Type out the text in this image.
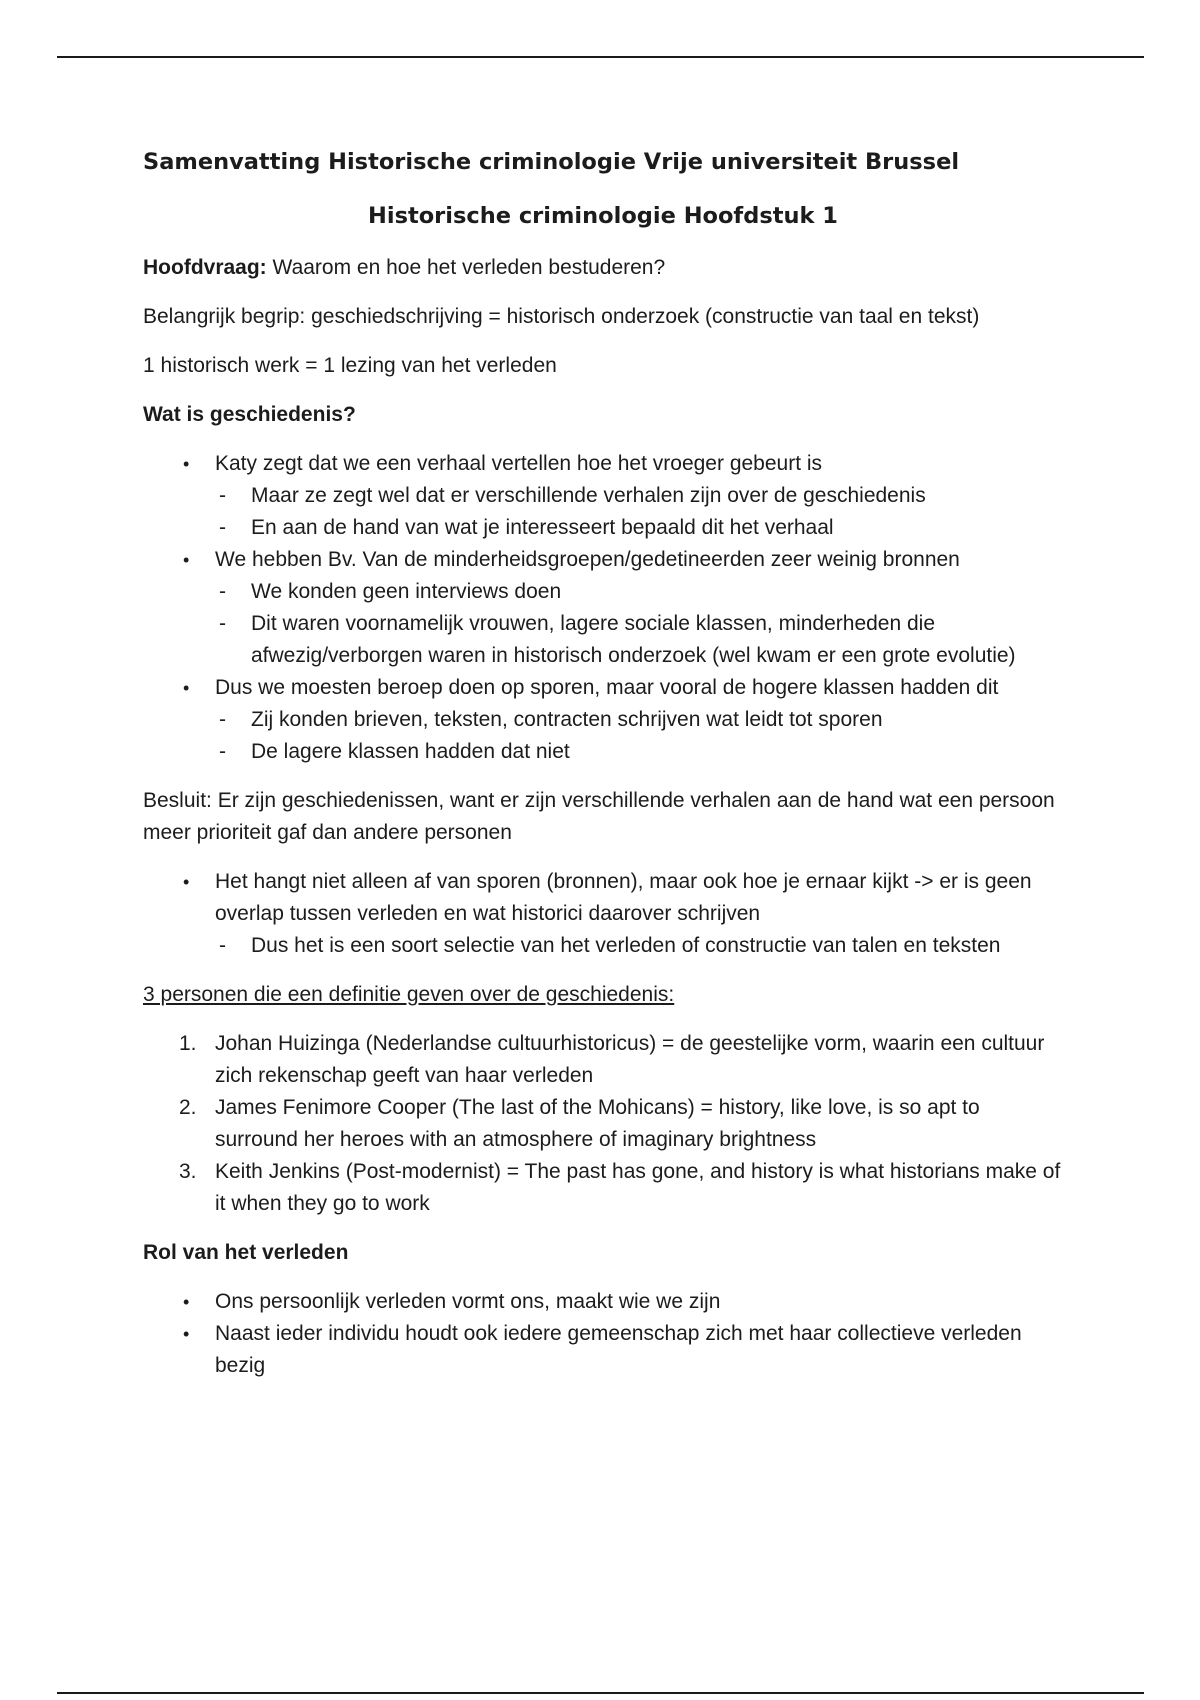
Samenvatting Historische criminologie Vrije universiteit Brussel
Historische criminologie Hoofdstuk 1

Hoofdvraag: Waarom en hoe het verleden bestuderen?

Belangrijk begrip: geschiedschrijving = historisch onderzoek (constructie van taal en tekst)

1 historisch werk = 1 lezing van het verleden

Wat is geschiedenis?

• Katy zegt dat we een verhaal vertellen hoe het vroeger gebeurt is
- Maar ze zegt wel dat er verschillende verhalen zijn over de geschiedenis
- En aan de hand van wat je interesseert bepaald dit het verhaal
• We hebben Bv. Van de minderheidsgroepen/gedetineerden zeer weinig bronnen
- We konden geen interviews doen
- Dit waren voornamelijk vrouwen, lagere sociale klassen, minderheden die afwezig/verborgen waren in historisch onderzoek (wel kwam er een grote evolutie)
• Dus we moesten beroep doen op sporen, maar vooral de hogere klassen hadden dit
- Zij konden brieven, teksten, contracten schrijven wat leidt tot sporen
- De lagere klassen hadden dat niet

Besluit: Er zijn geschiedenissen, want er zijn verschillende verhalen aan de hand wat een persoon meer prioriteit gaf dan andere personen

• Het hangt niet alleen af van sporen (bronnen), maar ook hoe je ernaar kijkt -> er is geen overlap tussen verleden en wat historici daarover schrijven
- Dus het is een soort selectie van het verleden of constructie van talen en teksten

3 personen die een definitie geven over de geschiedenis:

1. Johan Huizinga (Nederlandse cultuurhistoricus) = de geestelijke vorm, waarin een cultuur zich rekenschap geeft van haar verleden
2. James Fenimore Cooper (The last of the Mohicans) = history, like love, is so apt to surround her heroes with an atmosphere of imaginary brightness
3. Keith Jenkins (Post-modernist) = The past has gone, and history is what historians make of it when they go to work

Rol van het verleden

• Ons persoonlijk verleden vormt ons, maakt wie we zijn
• Naast ieder individu houdt ook iedere gemeenschap zich met haar collectieve verleden bezig
